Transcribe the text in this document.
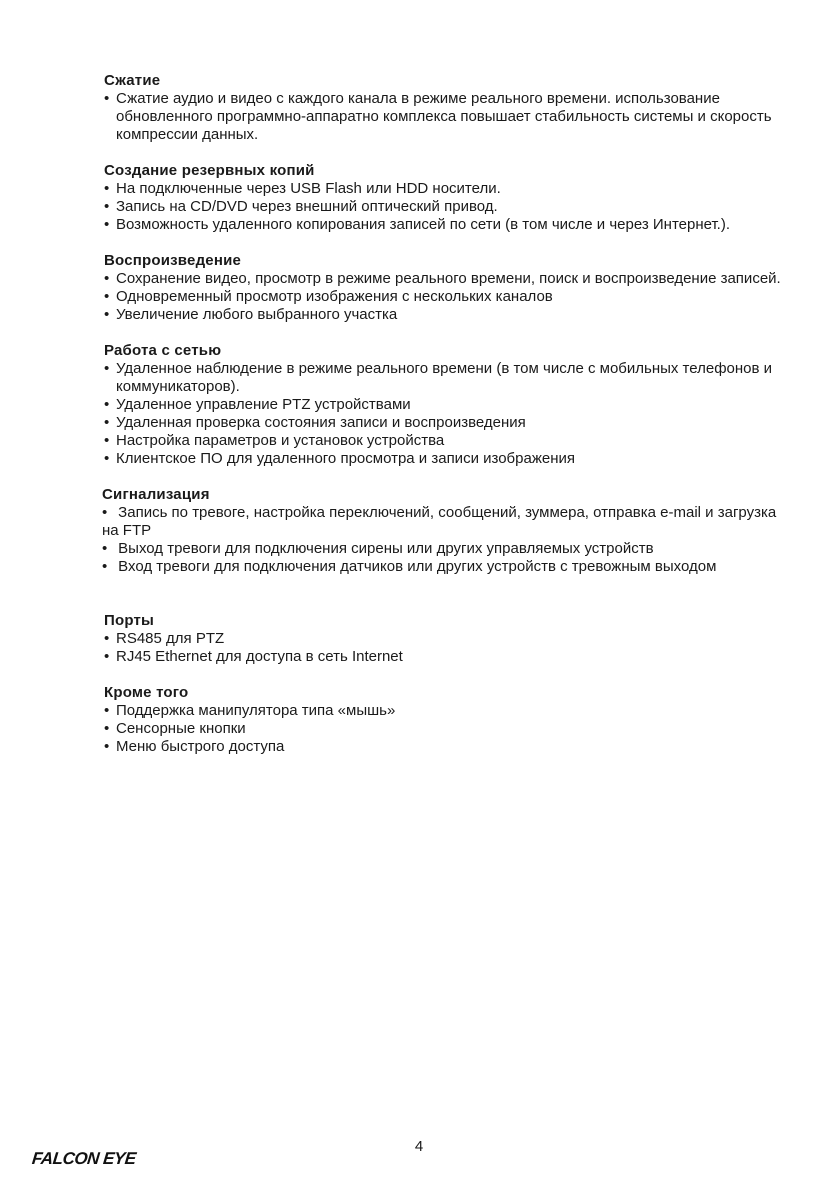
Сжатие

• Сжатие аудио и видео с каждого канала в режиме реального времени. использование обновленного программно-аппаратно комплекса повышает стабильность системы и скорость компрессии данных.

Создание резервных копий

• На подключенные через USB Flash или HDD носители.

• Запись на CD/DVD через внешний оптический привод.

• Возможность удаленного копирования записей по сети (в том числе и через Интернет.).

Воспроизведение

• Сохранение видео, просмотр в режиме реального времени, поиск и воспроизведение записей.

• Одновременный просмотр изображения с нескольких каналов

• Увеличение любого выбранного участка

Работа с сетью

• Удаленное наблюдение в режиме реального времени (в том числе с мобильных телефонов и коммуникаторов).

• Удаленное управление PTZ устройствами

• Удаленная проверка состояния записи и воспроизведения

• Настройка параметров и установок устройства

• Клиентское ПО для удаленного просмотра и записи изображения

Сигнализация

• Запись по тревоге, настройка переключений, сообщений, зуммера, отправка e-mail и загрузка на FTP

• Выход тревоги для подключения сирены или других управляемых устройств

• Вход тревоги для подключения датчиков или других устройств с тревожным выходом

Порты

• RS485 для PTZ

• RJ45 Ethernet для доступа в сеть Internet

Кроме того

• Поддержка манипулятора типа «мышь»

• Сенсорные кнопки

• Меню быстрого доступа

4
FALCON EYE
